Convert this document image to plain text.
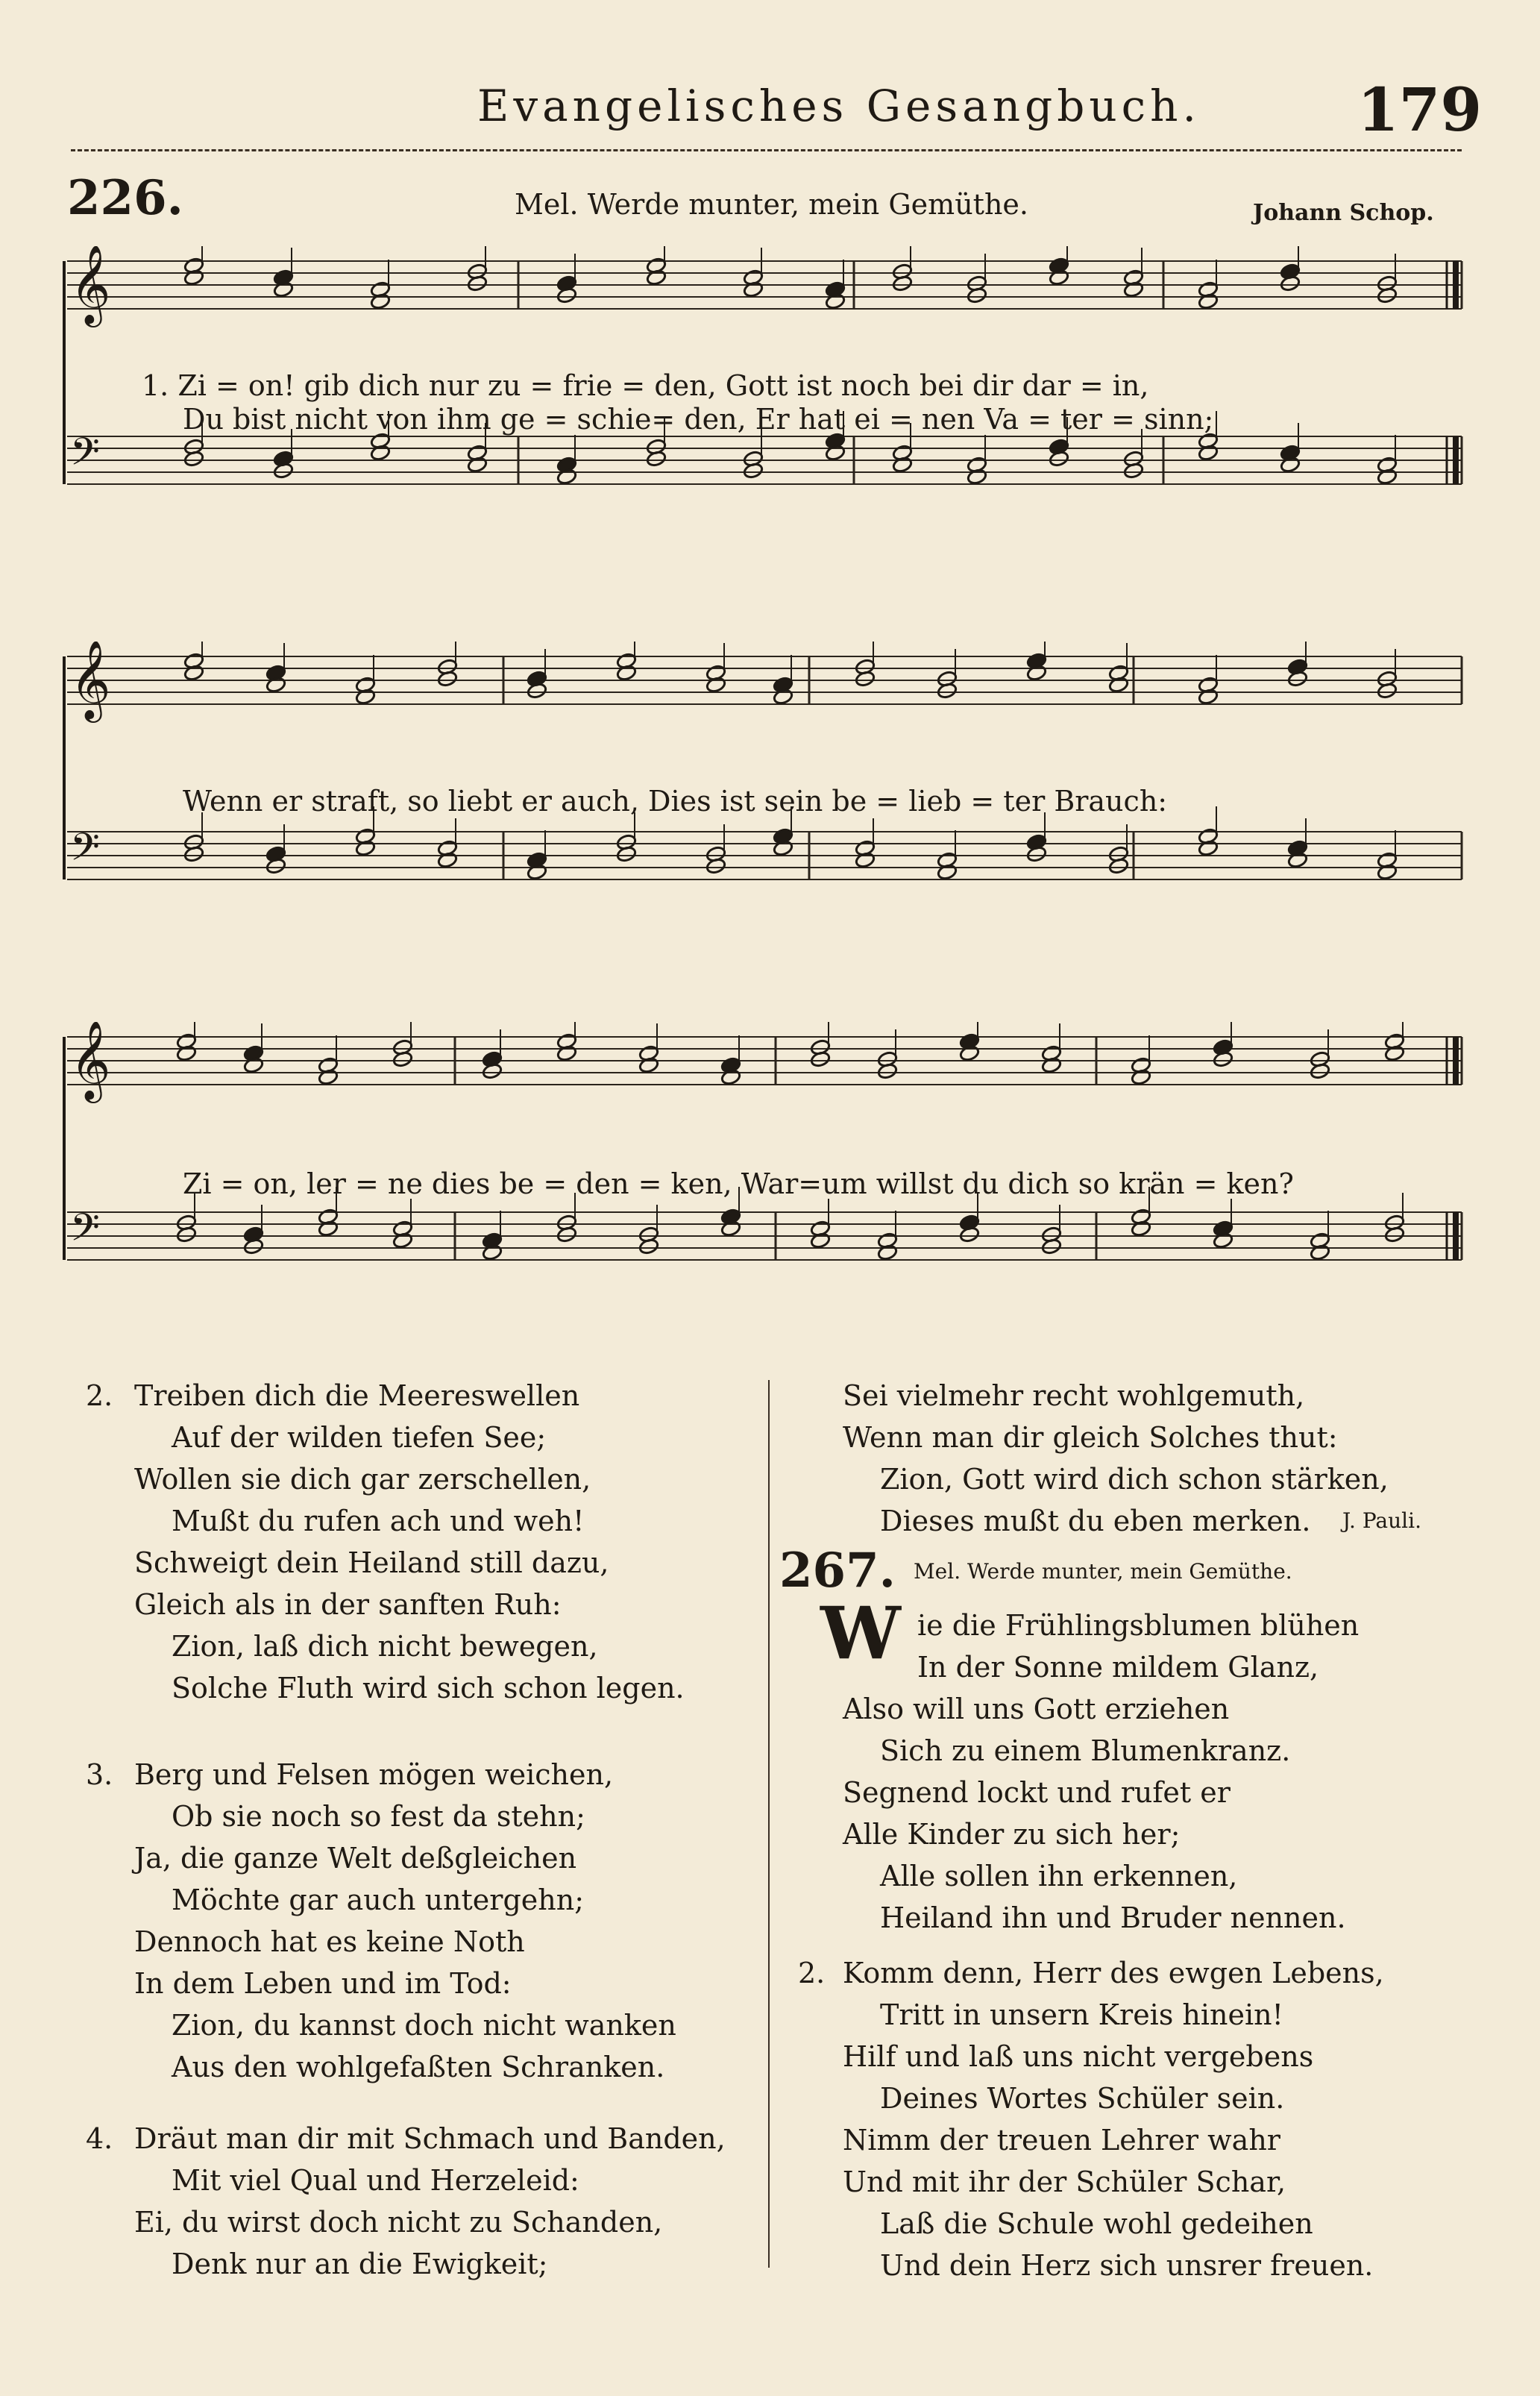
Evangelisches Gesangbuch.	179
226.	Mel. Werde munter, mein Gemüthe.	Johann Schop.
𝄞
𝄢
1. Zi = on! gib dich nur zu = frie = den, Gott ist noch bei dir dar = in,
Du bist nicht von ihm ge = schie= den, Er hat ei = nen Va = ter = sinn;
𝄞
𝄢
Wenn er straft, so liebt er auch, Dies ist sein be = lieb = ter Brauch:
𝄞
𝄢
Zi = on, ler = ne dies be = den = ken, War=um willst du dich so krän = ken?
2. Treiben dich die Meereswellen
Auf der wilden tiefen See;
Wollen sie dich gar zerschellen,
Mußt du rufen ach und weh!
Schweigt dein Heiland still dazu,
Gleich als in der sanften Ruh:
Zion, laß dich nicht bewegen,
Solche Fluth wird sich schon legen.
3. Berg und Felsen mögen weichen,
Ob sie noch so fest da stehn;
Ja, die ganze Welt deßgleichen
Möchte gar auch untergehn;
Dennoch hat es keine Noth
In dem Leben und im Tod:
Zion, du kannst doch nicht wanken
Aus den wohlgefaßten Schranken.
4. Dräut man dir mit Schmach und Banden,
Mit viel Qual und Herzeleid:
Ei, du wirst doch nicht zu Schanden,
Denk nur an die Ewigkeit;
Sei vielmehr recht wohlgemuth,
Wenn man dir gleich Solches thut:
Zion, Gott wird dich schon stärken,
Dieses mußt du eben merken.	J. Pauli.
267. Mel. Werde munter, mein Gemüthe.
W ie die Frühlingsblumen blühen
In der Sonne mildem Glanz,
Also will uns Gott erziehen
Sich zu einem Blumenkranz.
Segnend lockt und rufet er
Alle Kinder zu sich her;
Alle sollen ihn erkennen,
Heiland ihn und Bruder nennen.
2. Komm denn, Herr des ewgen Lebens,
Tritt in unsern Kreis hinein!
Hilf und laß uns nicht vergebens
Deines Wortes Schüler sein.
Nimm der treuen Lehrer wahr
Und mit ihr der Schüler Schar,
Laß die Schule wohl gedeihen
Und dein Herz sich unsrer freuen.
